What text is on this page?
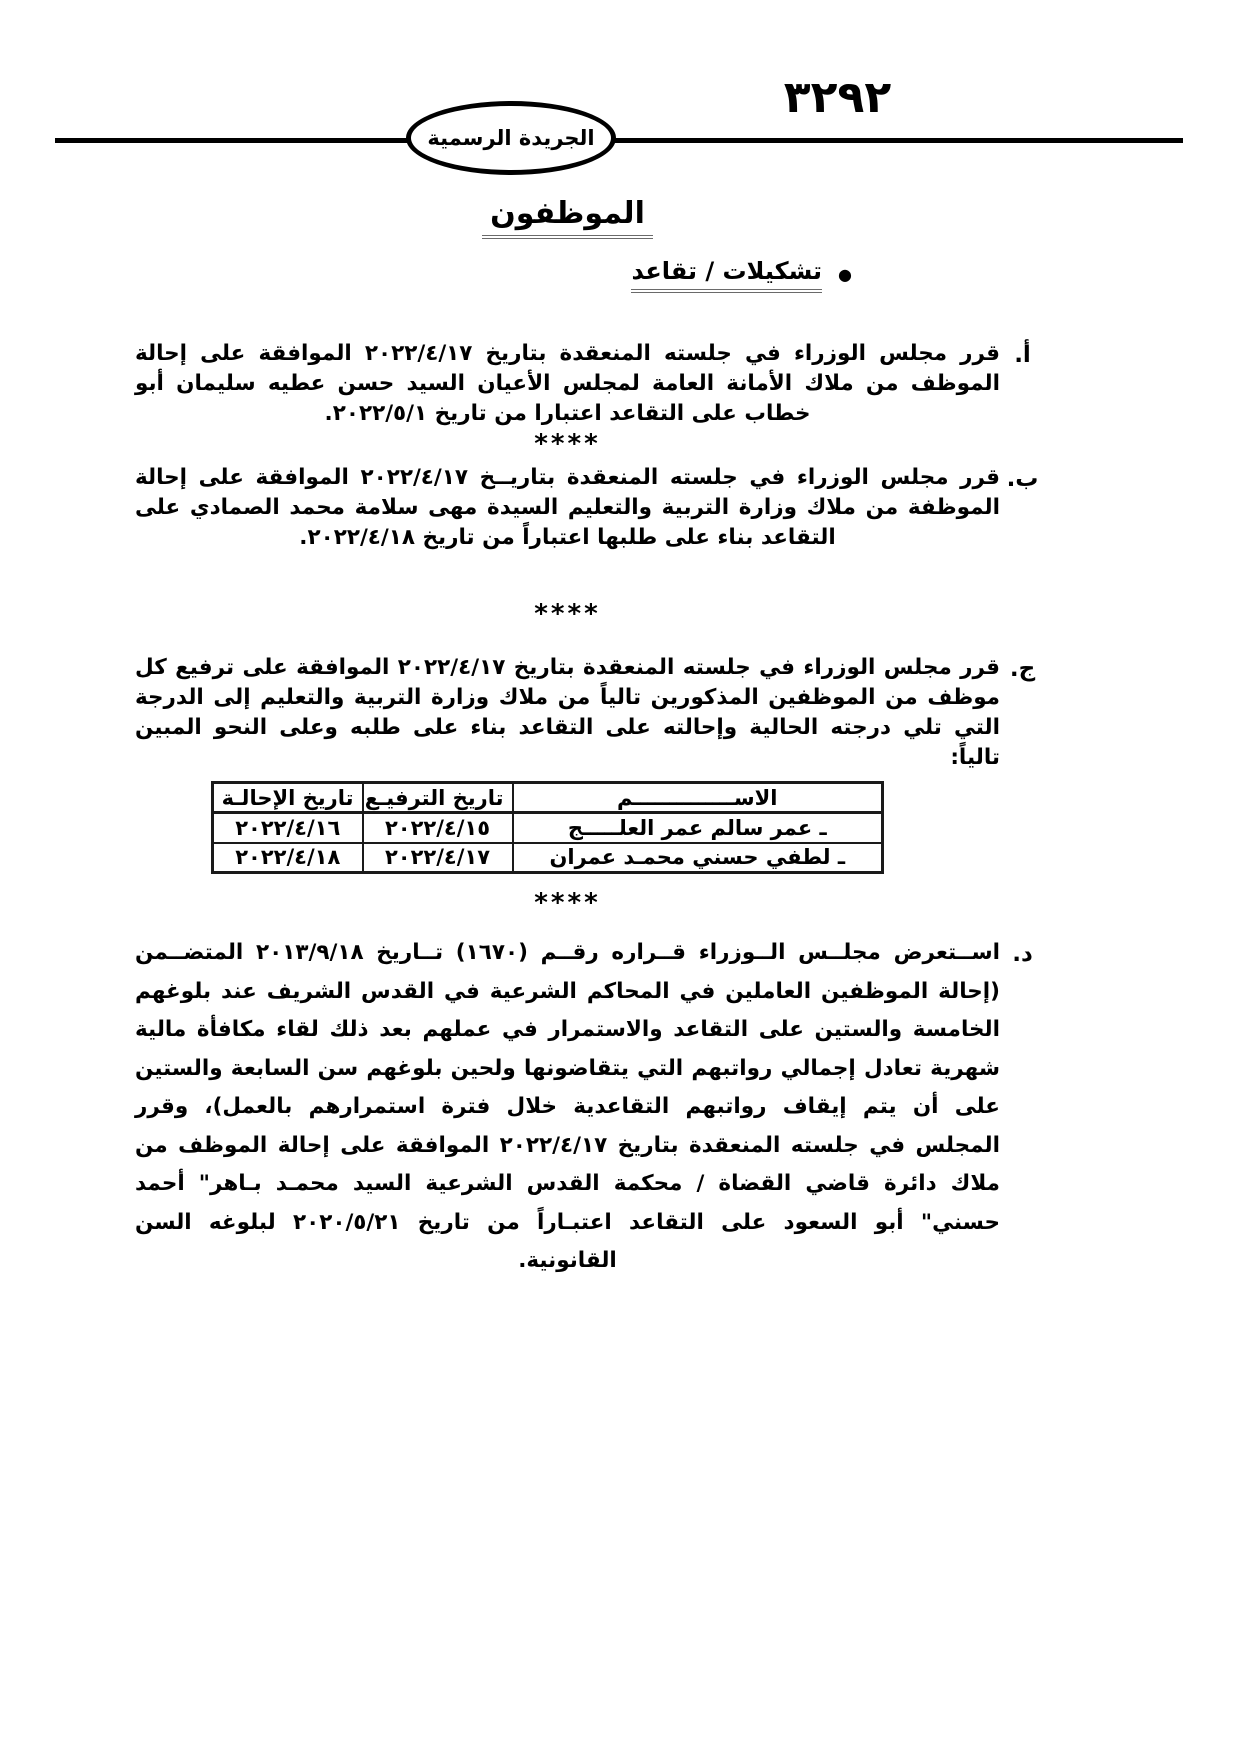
٣٢٩٢
الجريدة الرسمية
الموظفون
●
تشكيلات / تقاعد
أ.
قرر مجلس الوزراء في جلسته المنعقدة بتاريخ ٢٠٢٢/٤/١٧ الموافقة على إحالة الموظف من ملاك الأمانة العامة لمجلس الأعيان السيد حسن عطيه سليمان أبو خطاب على التقاعد اعتبارا من تاريخ ٢٠٢٢/٥/١.
****
ب.
قرر مجلس الوزراء في جلسته المنعقدة بتاريــخ ٢٠٢٢/٤/١٧ الموافقة على إحالة الموظفة من ملاك وزارة التربية والتعليم السيدة مهى سلامة محمد الصمادي على التقاعد بناء على طلبها اعتباراً من تاريخ ٢٠٢٢/٤/١٨.
****
ج.
قرر مجلس الوزراء في جلسته المنعقدة بتاريخ ٢٠٢٢/٤/١٧ الموافقة على ترفيع كل موظف من الموظفين المذكورين تالياً من ملاك وزارة التربية والتعليم إلى الدرجة التي تلي درجته الحالية وإحالته على التقاعد بناء على طلبه وعلى النحو المبين تالياً:
الاســــــــــــــم	تاريخ الترفيـع	تاريخ الإحالـة
ـ عمر سالم عمر العلـــــج	٢٠٢٢/٤/١٥	٢٠٢٢/٤/١٦
ـ لطفي حسني محمـد عمران	٢٠٢٢/٤/١٧	٢٠٢٢/٤/١٨
****
د.
اســتعرض مجلــس الــوزراء قــراره رقــم (١٦٧٠) تــاريخ ٢٠١٣/٩/١٨ المتضــمن (إحالة الموظفين العاملين في المحاكم الشرعية في القدس الشريف عند بلوغهم الخامسة والستين على التقاعد والاستمرار في عملهم بعد ذلك لقاء مكافأة مالية شهرية تعادل إجمالي رواتبهم التي يتقاضونها ولحين بلوغهم سن السابعة والستين على أن يتم إيقاف رواتبهم التقاعدية خلال فترة استمرارهم بالعمل)، وقرر المجلس في جلسته المنعقدة بتاريخ ٢٠٢٢/٤/١٧ الموافقة على إحالة الموظف من ملاك دائرة قاضي القضاة / محكمة القدس الشرعية السيد محمـد بـاهر" أحمد حسني" أبو السعود على التقاعد اعتبـاراً من تاريخ ٢٠٢٠/٥/٢١ لبلوغه السن القانونية.
